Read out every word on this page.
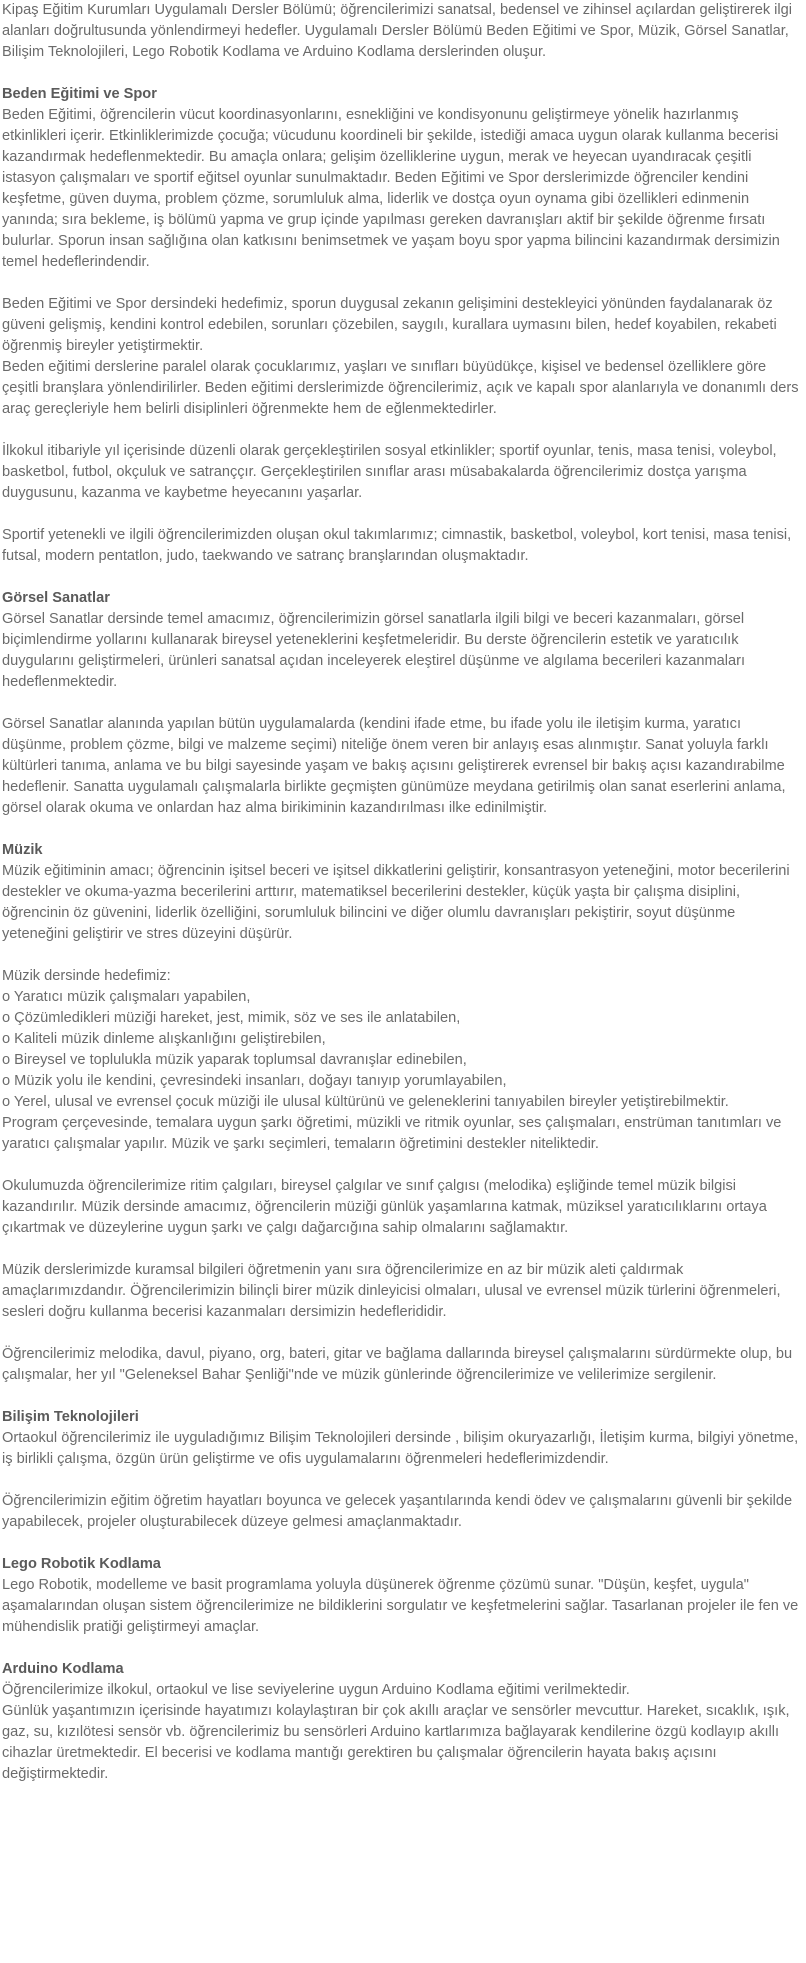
Kipaş Eğitim Kurumları Uygulamalı Dersler Bölümü; öğrencilerimizi sanatsal, bedensel ve zihinsel açılardan geliştirerek ilgi alanları doğrultusunda yönlendirmeyi hedefler. Uygulamalı Dersler Bölümü Beden Eğitimi ve Spor, Müzik, Görsel Sanatlar, Bilişim Teknolojileri, Lego Robotik Kodlama ve Arduino Kodlama derslerinden oluşur.

Beden Eğitimi ve Spor

Beden Eğitimi, öğrencilerin vücut koordinasyonlarını, esnekliğini ve kondisyonunu geliştirmeye yönelik hazırlanmış etkinlikleri içerir. Etkinliklerimizde çocuğa; vücudunu koordineli bir şekilde, istediği amaca uygun olarak kullanma becerisi kazandırmak hedeflenmektedir. Bu amaçla onlara; gelişim özelliklerine uygun, merak ve heyecan uyandıracak çeşitli istasyon çalışmaları ve sportif eğitsel oyunlar sunulmaktadır. Beden Eğitimi ve Spor derslerimizde öğrenciler kendini keşfetme, güven duyma, problem çözme, sorumluluk alma, liderlik ve dostça oyun oynama gibi özellikleri edinmenin yanında; sıra bekleme, iş bölümü yapma ve grup içinde yapılması gereken davranışları aktif bir şekilde öğrenme fırsatı bulurlar. Sporun insan sağlığına olan katkısını benimsetmek ve yaşam boyu spor yapma bilincini kazandırmak dersimizin temel hedeflerindendir.

Beden Eğitimi ve Spor dersindeki hedefimiz, sporun duygusal zekanın gelişimini destekleyici yönünden faydalanarak öz güveni gelişmiş, kendini kontrol edebilen, sorunları çözebilen, saygılı, kurallara uymasını bilen, hedef koyabilen, rekabeti öğrenmiş bireyler yetiştirmektir.

Beden eğitimi derslerine paralel olarak çocuklarımız, yaşları ve sınıfları büyüdükçe, kişisel ve bedensel özelliklere göre çeşitli branşlara yönlendirilirler. Beden eğitimi derslerimizde öğrencilerimiz, açık ve kapalı spor alanlarıyla ve donanımlı ders araç gereçleriyle hem belirli disiplinleri öğrenmekte hem de eğlenmektedirler.

İlkokul itibariyle yıl içerisinde düzenli olarak gerçekleştirilen sosyal etkinlikler; sportif oyunlar, tenis, masa tenisi, voleybol, basketbol, futbol, okçuluk ve satranççır. Gerçekleştirilen sınıflar arası müsabakalarda öğrencilerimiz dostça yarışma duygusunu, kazanma ve kaybetme heyecanını yaşarlar.

Sportif yetenekli ve ilgili öğrencilerimizden oluşan okul takımlarımız; cimnastik, basketbol, voleybol, kort tenisi, masa tenisi, futsal, modern pentatlon, judo, taekwando ve satranç branşlarından oluşmaktadır.

Görsel Sanatlar

Görsel Sanatlar dersinde temel amacımız, öğrencilerimizin görsel sanatlarla ilgili bilgi ve beceri kazanmaları, görsel biçimlendirme yollarını kullanarak bireysel yeteneklerini keşfetmeleridir. Bu derste öğrencilerin estetik ve yaratıcılık duygularını geliştirmeleri, ürünleri sanatsal açıdan inceleyerek eleştirel düşünme ve algılama becerileri kazanmaları hedeflenmektedir.

Görsel Sanatlar alanında yapılan bütün uygulamalarda (kendini ifade etme, bu ifade yolu ile iletişim kurma, yaratıcı düşünme, problem çözme, bilgi ve malzeme seçimi) niteliğe önem veren bir anlayış esas alınmıştır. Sanat yoluyla farklı kültürleri tanıma, anlama ve bu bilgi sayesinde yaşam ve bakış açısını geliştirerek evrensel bir bakış açısı kazandırabilme hedeflenir. Sanatta uygulamalı çalışmalarla birlikte geçmişten günümüze meydana getirilmiş olan sanat eserlerini anlama, görsel olarak okuma ve onlardan haz alma birikiminin kazandırılması ilke edinilmiştir.

Müzik

Müzik eğitiminin amacı; öğrencinin işitsel beceri ve işitsel dikkatlerini geliştirir, konsantrasyon yeteneğini, motor becerilerini destekler ve okuma-yazma becerilerini arttırır, matematiksel becerilerini destekler, küçük yaşta bir çalışma disiplini, öğrencinin öz güvenini, liderlik özelliğini, sorumluluk bilincini ve diğer olumlu davranışları pekiştirir, soyut düşünme yeteneğini geliştirir ve stres düzeyini düşürür.

Müzik dersinde hedefimiz:

o Yaratıcı müzik çalışmaları yapabilen,
o Çözümledikleri müziği hareket, jest, mimik, söz ve ses ile anlatabilen,
o Kaliteli müzik dinleme alışkanlığını geliştirebilen,
o Bireysel ve toplulukla müzik yaparak toplumsal davranışlar edinebilen,
o Müzik yolu ile kendini, çevresindeki insanları, doğayı tanıyıp yorumlayabilen,
o Yerel, ulusal ve evrensel çocuk müziği ile ulusal kültürünü ve geleneklerini tanıyabilen bireyler yetiştirebilmektir.

Program çerçevesinde, temalara uygun şarkı öğretimi, müzikli ve ritmik oyunlar, ses çalışmaları, enstrüman tanıtımları ve yaratıcı çalışmalar yapılır. Müzik ve şarkı seçimleri, temaların öğretimini destekler niteliktedir.

Okulumuzda öğrencilerimize ritim çalgıları, bireysel çalgılar ve sınıf çalgısı (melodika) eşliğinde temel müzik bilgisi kazandırılır. Müzik dersinde amacımız, öğrencilerin müziği günlük yaşamlarına katmak, müziksel yaratıcılıklarını ortaya çıkartmak ve düzeylerine uygun şarkı ve çalgı dağarcığına sahip olmalarını sağlamaktır.

Müzik derslerimizde kuramsal bilgileri öğretmenin yanı sıra öğrencilerimize en az bir müzik aleti çaldırmak amaçlarımızdandır. Öğrencilerimizin bilinçli birer müzik dinleyicisi olmaları, ulusal ve evrensel müzik türlerini öğrenmeleri, sesleri doğru kullanma becerisi kazanmaları dersimizin hedeflerididir.

Öğrencilerimiz melodika, davul, piyano, org, bateri, gitar ve bağlama dallarında bireysel çalışmalarını sürdürmekte olup, bu çalışmalar, her yıl "Geleneksel Bahar Şenliği"nde ve müzik günlerinde öğrencilerimize ve velilerimize sergilenir.

Bilişim Teknolojileri

Ortaokul öğrencilerimiz ile uyguladığımız Bilişim Teknolojileri dersinde , bilişim okuryazarlığı, İletişim kurma, bilgiyi yönetme, iş birlikli çalışma, özgün ürün geliştirme ve ofis uygulamalarını öğrenmeleri hedeflerimizdendir.

Öğrencilerimizin eğitim öğretim hayatları boyunca ve gelecek yaşantılarında kendi ödev ve çalışmalarını güvenli bir şekilde yapabilecek, projeler oluşturabilecek düzeye gelmesi amaçlanmaktadır.

Lego Robotik Kodlama

Lego Robotik, modelleme ve basit programlama yoluyla düşünerek öğrenme çözümü sunar. "Düşün, keşfet, uygula" aşamalarından oluşan sistem öğrencilerimize ne bildiklerini sorgulatır ve keşfetmelerini sağlar. Tasarlanan projeler ile fen ve mühendislik pratiği geliştirmeyi amaçlar.

Arduino Kodlama

Öğrencilerimize ilkokul, ortaokul ve lise seviyelerine uygun Arduino Kodlama eğitimi verilmektedir.

Günlük yaşantımızın içerisinde hayatımızı kolaylaştıran bir çok akıllı araçlar ve sensörler mevcuttur. Hareket, sıcaklık, ışık, gaz, su, kızılötesi sensör vb. öğrencilerimiz bu sensörleri Arduino kartlarımıza bağlayarak kendilerine özgü kodlayıp akıllı cihazlar üretmektedir. El becerisi ve kodlama mantığı gerektiren bu çalışmalar öğrencilerin hayata bakış açısını değiştirmektedir.
